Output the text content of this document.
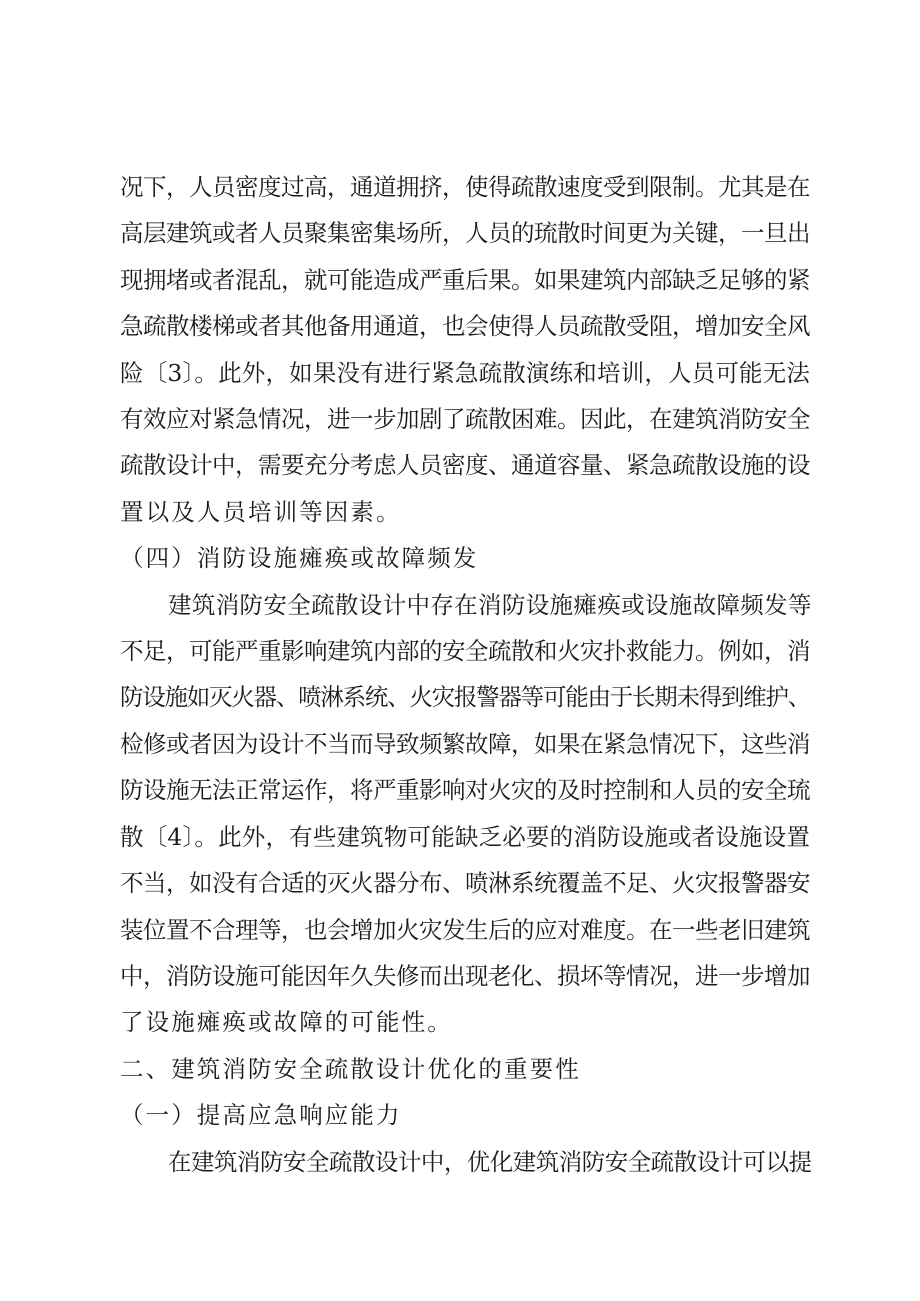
况下，人员密度过高，通道拥挤，使得疏散速度受到限制。尤其是在
高层建筑或者人员聚集密集场所，人员的琉散时间更为关键，一旦出
现拥堵或者混乱，就可能造成严重后果。如果建筑内部缺乏足够的紧
急疏散楼梯或者其他备用通道，也会使得人员疏散受阻，增加安全风
险〔3〕。此外，如果没有进行紧急疏散演练和培训，人员可能无法
有效应对紧急情况，进一步加剧了疏散困难。因此，在建筑消防安全
疏散设计中，需要充分考虑人员密度、通道容量、紧急疏散设施的设
置以及人员培训等因素。

（四）消防设施瘫痪或故障频发

建筑消防安全疏散设计中存在消防设施瘫痪或设施故障频发等
不足，可能严重影响建筑内部的安全疏散和火灾扑救能力。例如，消
防设施如灭火器、喷淋系统、火灾报警器等可能由于长期未得到维护、
检修或者因为设计不当而导致频繁故障，如果在紧急情况下，这些消
防设施无法正常运作，将严重影响对火灾的及时控制和人员的安全琉
散〔4〕。此外，有些建筑物可能缺乏必要的消防设施或者设施设置
不当，如没有合适的灭火器分布、喷淋系统覆盖不足、火灾报警器安
装位置不合理等，也会增加火灾发生后的应对难度。在一些老旧建筑
中，消防设施可能因年久失修而出现老化、损坏等情况，进一步增加
了设施瘫痪或故障的可能性。

二、建筑消防安全疏散设计优化的重要性

（一）提高应急响应能力

在建筑消防安全疏散设计中，优化建筑消防安全疏散设计可以提
